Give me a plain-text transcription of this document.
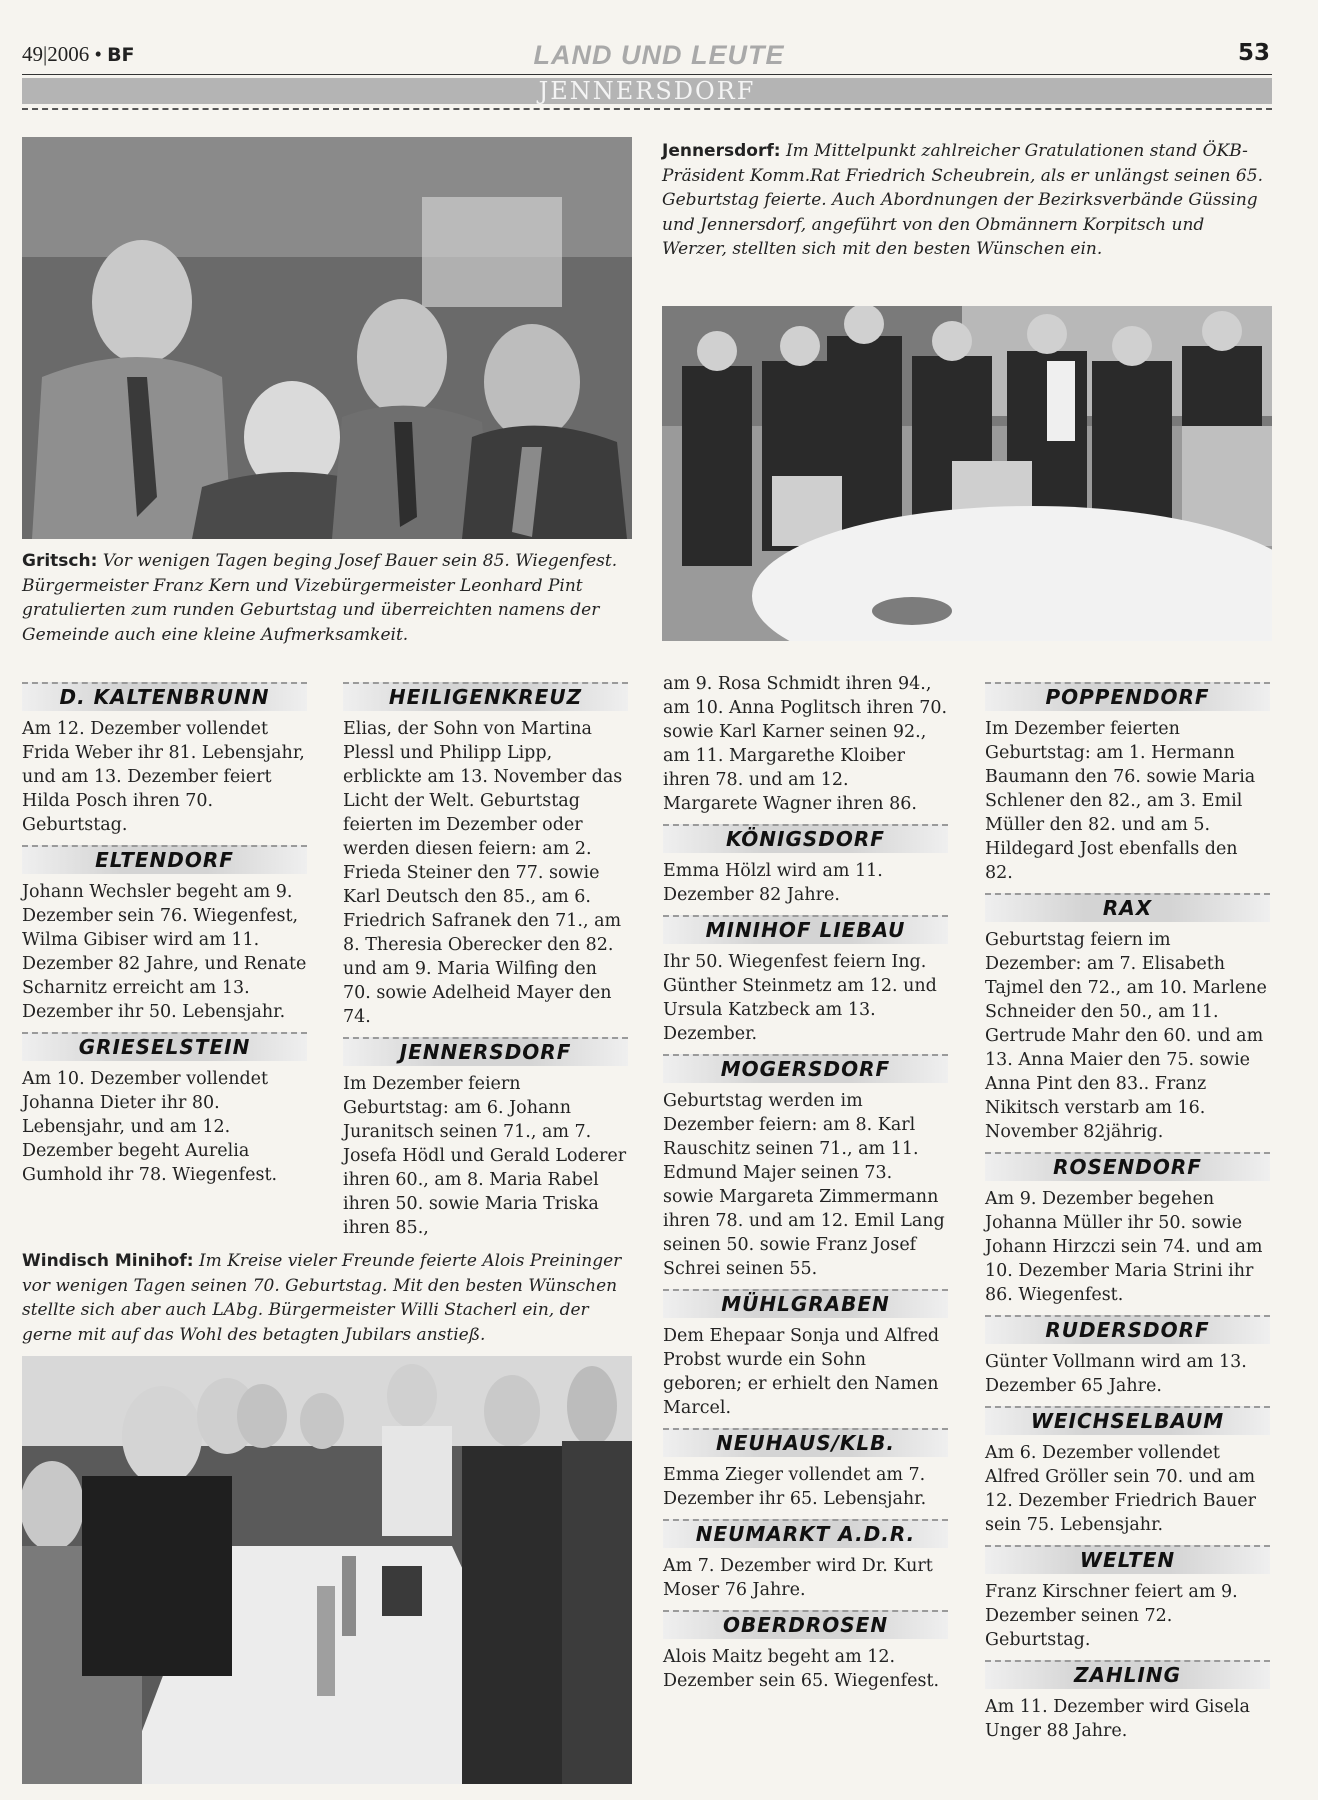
49|2006 • BF	LAND UND LEUTE	53
JENNERSDORF
Jennersdorf: Im Mittelpunkt zahlreicher Gratulationen stand ÖKB-Präsident Komm.Rat Friedrich Scheubrein, als er unlängst seinen 65. Geburtstag feierte. Auch Abordnungen der Bezirksverbände Güssing und Jennersdorf, angeführt von den Obmännern Korpitsch und Werzer, stellten sich mit den besten Wünschen ein.
Gritsch: Vor wenigen Tagen beging Josef Bauer sein 85. Wiegenfest. Bürgermeister Franz Kern und Vizebürgermeister Leonhard Pint gratulierten zum runden Geburtstag und überreichten namens der Gemeinde auch eine kleine Aufmerksamkeit.
Windisch Minihof: Im Kreise vieler Freunde feierte Alois Preininger vor wenigen Tagen seinen 70. Geburtstag. Mit den besten Wünschen stellte sich aber auch LAbg. Bürgermeister Willi Stacherl ein, der gerne mit auf das Wohl des betagten Jubilars anstieß.
D. KALTENBRUNN
Am 12. Dezember vollendet Frida Weber ihr 81. Lebensjahr, und am 13. Dezember feiert Hilda Posch ihren 70. Geburtstag.
ELTENDORF
Johann Wechsler begeht am 9. Dezember sein 76. Wiegenfest, Wilma Gibiser wird am 11. Dezember 82 Jahre, und Renate Scharnitz erreicht am 13. Dezember ihr 50. Lebensjahr.
GRIESELSTEIN
Am 10. Dezember vollendet Johanna Dieter ihr 80. Lebensjahr, und am 12. Dezember begeht Aurelia Gumhold ihr 78. Wiegenfest.
HEILIGENKREUZ
Elias, der Sohn von Martina Plessl und Philipp Lipp, erblickte am 13. November das Licht der Welt. Geburtstag feierten im Dezember oder werden diesen feiern: am 2. Frieda Steiner den 77. sowie Karl Deutsch den 85., am 6. Friedrich Safranek den 71., am 8. Theresia Oberecker den 82. und am 9. Maria Wilfing den 70. sowie Adelheid Mayer den 74.
JENNERSDORF
Im Dezember feiern Geburtstag: am 6. Johann Juranitsch seinen 71., am 7. Josefa Hödl und Gerald Loderer ihren 60., am 8. Maria Rabel ihren 50. sowie Maria Triska ihren 85.,
am 9. Rosa Schmidt ihren 94., am 10. Anna Poglitsch ihren 70. sowie Karl Karner seinen 92., am 11. Margarethe Kloiber ihren 78. und am 12. Margarete Wagner ihren 86.
KÖNIGSDORF
Emma Hölzl wird am 11. Dezember 82 Jahre.
MINIHOF LIEBAU
Ihr 50. Wiegenfest feiern Ing. Günther Steinmetz am 12. und Ursula Katzbeck am 13. Dezember.
MOGERSDORF
Geburtstag werden im Dezember feiern: am 8. Karl Rauschitz seinen 71., am 11. Edmund Majer seinen 73. sowie Margareta Zimmermann ihren 78. und am 12. Emil Lang seinen 50. sowie Franz Josef Schrei seinen 55.
MÜHLGRABEN
Dem Ehepaar Sonja und Alfred Probst wurde ein Sohn geboren; er erhielt den Namen Marcel.
NEUHAUS/KLB.
Emma Zieger vollendet am 7. Dezember ihr 65. Lebensjahr.
NEUMARKT A.D.R.
Am 7. Dezember wird Dr. Kurt Moser 76 Jahre.
OBERDROSEN
Alois Maitz begeht am 12. Dezember sein 65. Wiegenfest.
POPPENDORF
Im Dezember feierten Geburtstag: am 1. Hermann Baumann den 76. sowie Maria Schlener den 82., am 3. Emil Müller den 82. und am 5. Hildegard Jost ebenfalls den 82.
RAX
Geburtstag feiern im Dezember: am 7. Elisabeth Tajmel den 72., am 10. Marlene Schneider den 50., am 11. Gertrude Mahr den 60. und am 13. Anna Maier den 75. sowie Anna Pint den 83.. Franz Nikitsch verstarb am 16. November 82jährig.
ROSENDORF
Am 9. Dezember begehen Johanna Müller ihr 50. sowie Johann Hirzczi sein 74. und am 10. Dezember Maria Strini ihr 86. Wiegenfest.
RUDERSDORF
Günter Vollmann wird am 13. Dezember 65 Jahre.
WEICHSELBAUM
Am 6. Dezember vollendet Alfred Gröller sein 70. und am 12. Dezember Friedrich Bauer sein 75. Lebensjahr.
WELTEN
Franz Kirschner feiert am 9. Dezember seinen 72. Geburtstag.
ZAHLING
Am 11. Dezember wird Gisela Unger 88 Jahre.
